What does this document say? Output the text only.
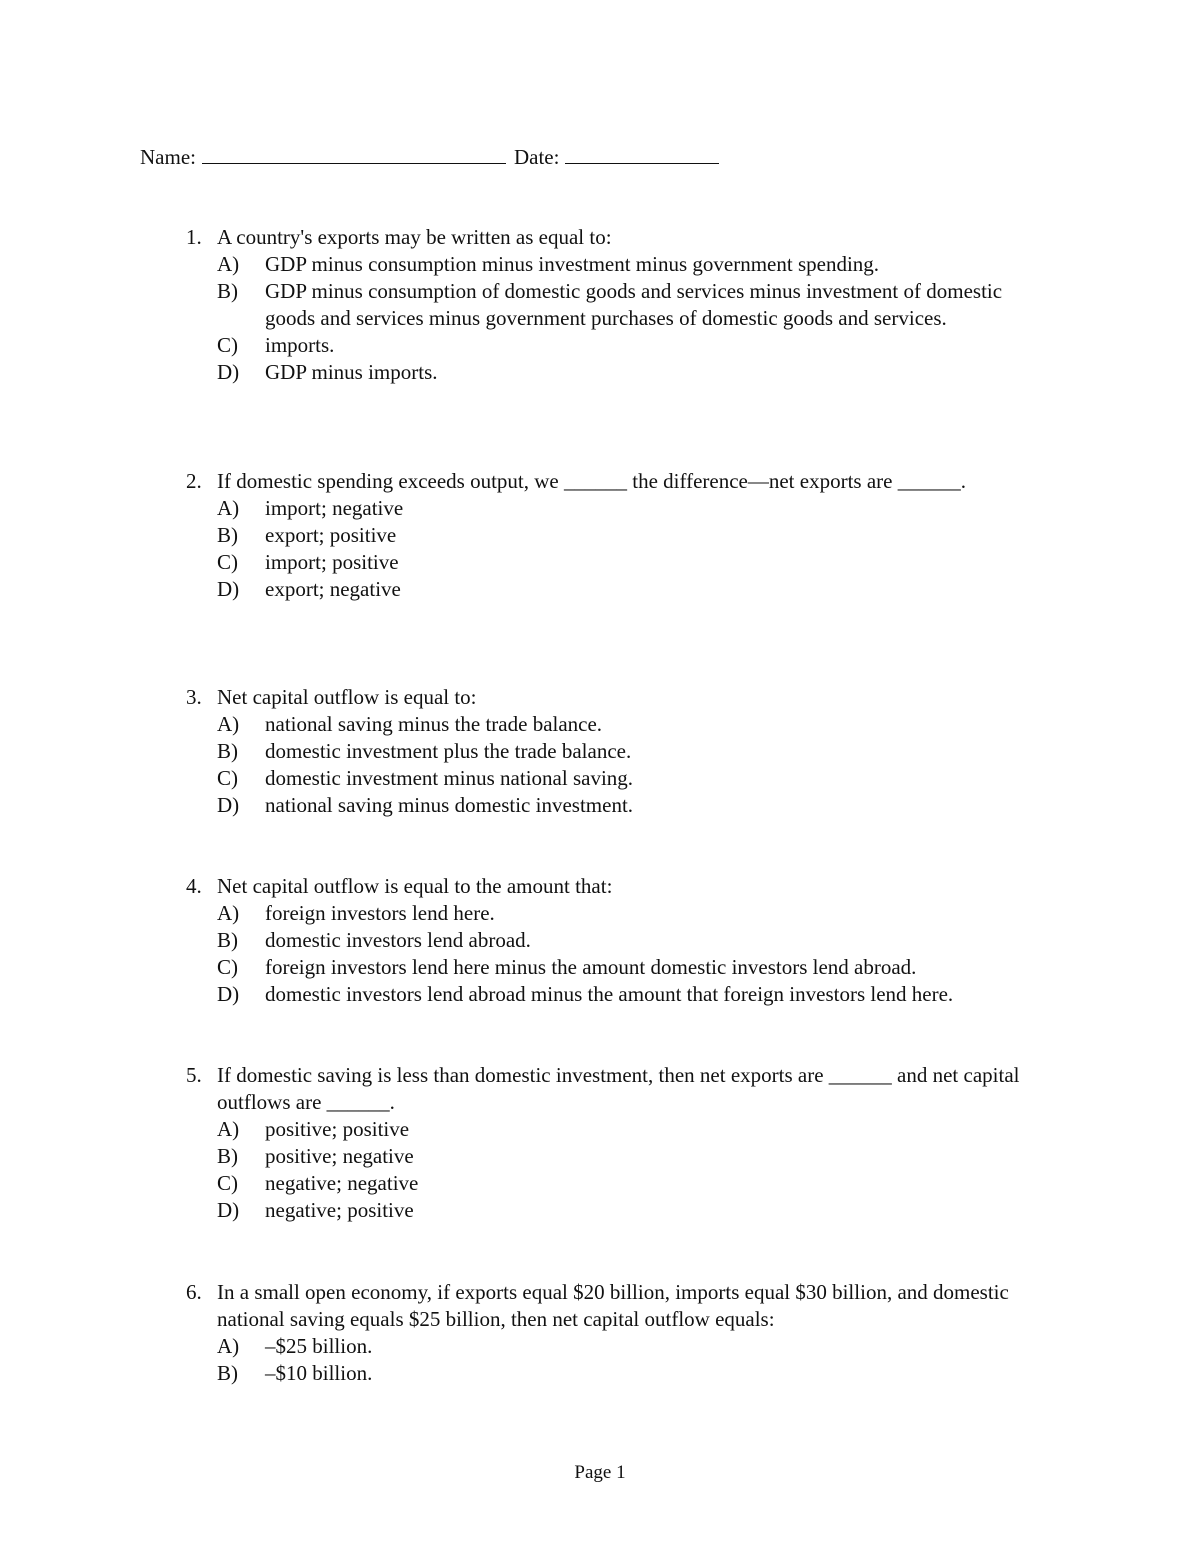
Name:	Date:
1. A country's exports may be written as equal to:
A)	GDP minus consumption minus investment minus government spending.
B)	GDP minus consumption of domestic goods and services minus investment of domestic goods and services minus government purchases of domestic goods and services.
C)	imports.
D)	GDP minus imports.
2. If domestic spending exceeds output, we ______ the difference—net exports are ______.
A)	import; negative
B)	export; positive
C)	import; positive
D)	export; negative
3. Net capital outflow is equal to:
A)	national saving minus the trade balance.
B)	domestic investment plus the trade balance.
C)	domestic investment minus national saving.
D)	national saving minus domestic investment.
4. Net capital outflow is equal to the amount that:
A)	foreign investors lend here.
B)	domestic investors lend abroad.
C)	foreign investors lend here minus the amount domestic investors lend abroad.
D)	domestic investors lend abroad minus the amount that foreign investors lend here.
5. If domestic saving is less than domestic investment, then net exports are ______ and net capital outflows are ______.
A)	positive; positive
B)	positive; negative
C)	negative; negative
D)	negative; positive
6. In a small open economy, if exports equal $20 billion, imports equal $30 billion, and domestic national saving equals $25 billion, then net capital outflow equals:
A)	–$25 billion.
B)	–$10 billion.
Page 1
